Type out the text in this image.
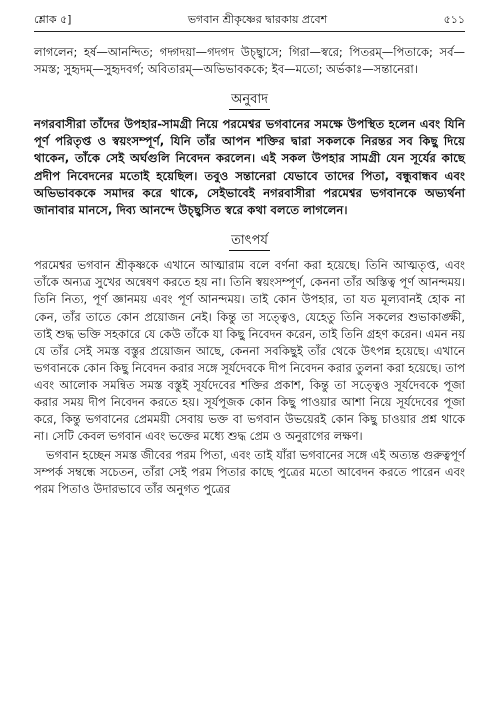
শ্লোক ৫]	ভগবান শ্রীকৃষ্ণের দ্বারকায় প্রবেশ	৫১১
লাগলেন; হর্ষ—আনন্দিত; গদ্গদয়া—গদগদ উচ্ছ্বাসে; গিরা—স্বরে; পিতরম্—পিতাকে; সর্ব—সমস্ত; সুহৃদম্—সুহৃদবর্গ; অবিতারম্—অভিভাবককে; ইব—মতো; অর্ভকাঃ—সন্তানেরা।
অনুবাদ
নগরবাসীরা তাঁদের উপহার-সামগ্রী নিয়ে পরমেশ্বর ভগবানের সমক্ষে উপস্থিত হলেন এবং যিনি পূর্ণ পরিতৃপ্ত ও স্বয়ংসম্পূর্ণ, যিনি তাঁর আপন শক্তির দ্বারা সকলকে নিরন্তর সব কিছু দিয়ে থাকেন, তাঁকে সেই অর্ঘগুলি নিবেদন করলেন। এই সকল উপহার সামগ্রী যেন সূর্যের কাছে প্রদীপ নিবেদনের মতোই হয়েছিল। তবুও সন্তানেরা যেভাবে তাদের পিতা, বন্ধুবান্ধব এবং অভিভাবককে সমাদর করে থাকে, সেইভাবেই নগরবাসীরা পরমেশ্বর ভগবানকে অভ্যর্থনা জানাবার মানসে, দিব্য আনন্দে উচ্ছ্বসিত স্বরে কথা বলতে লাগলেন।
তাৎপর্য

পরমেশ্বর ভগবান শ্রীকৃষ্ণকে এখানে আত্মারাম বলে বর্ণনা করা হয়েছে। তিনি আত্মতৃপ্ত, এবং তাঁকে অন্যত্র সুখের অন্বেষণ করতে হয় না। তিনি স্বয়ংসম্পূর্ণ, কেননা তাঁর অস্তিত্ব পূর্ণ আনন্দময়। তিনি নিত্য, পূর্ণ জ্ঞানময় এবং পূর্ণ আনন্দময়। তাই কোন উপহার, তা যত মূল্যবানই হোক না কেন, তাঁর তাতে কোন প্রয়োজন নেই। কিন্তু তা সত্ত্বেও, যেহেতু তিনি সকলের শুভাকাঙ্ক্ষী, তাই শুদ্ধ ভক্তি সহকারে যে কেউ তাঁকে যা কিছু নিবেদন করেন, তাই তিনি গ্রহণ করেন। এমন নয় যে তাঁর সেই সমস্ত বস্তুর প্রয়োজন আছে, কেননা সবকিছুই তাঁর থেকে উৎপন্ন হয়েছে। এখানে ভগবানকে কোন কিছু নিবেদন করার সঙ্গে সূর্যদেবকে দীপ নিবেদন করার তুলনা করা হয়েছে। তাপ এবং আলোক সমন্বিত সমস্ত বস্তুই সূর্যদেবের শক্তির প্রকাশ, কিন্তু তা সত্ত্বেও সূর্যদেবকে পূজা করার সময় দীপ নিবেদন করতে হয়। সূর্যপূজক কোন কিছু পাওয়ার আশা নিয়ে সূর্যদেবের পূজা করে, কিন্তু ভগবানের প্রেমময়ী সেবায় ভক্ত বা ভগবান উভয়েরই কোন কিছু চাওয়ার প্রশ্ন থাকে না। সেটি কেবল ভগবান এবং ভক্তের মধ্যে শুদ্ধ প্রেম ও অনুরাগের লক্ষণ।

ভগবান হচ্ছেন সমস্ত জীবের পরম পিতা, এবং তাই যাঁরা ভগবানের সঙ্গে এই অত্যন্ত গুরুত্বপূর্ণ সম্পর্ক সম্বন্ধে সচেতন, তাঁরা সেই পরম পিতার কাছে পুত্রের মতো আবেদন করতে পারেন এবং পরম পিতাও উদারভাবে তাঁর অনুগত পুত্রের
